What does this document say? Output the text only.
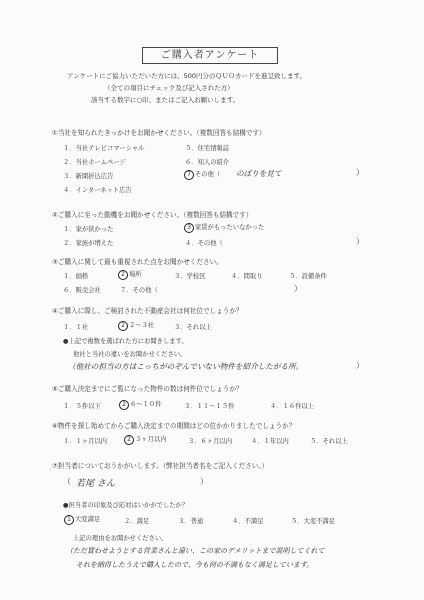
ご購入者アンケート
アンケートにご協力いただいた方には、500円分のＱＵＯカードを進呈致します。
（全ての項目にチェック及び記入された方）
該当する数字に○印、またはご記入お願いします。
①当社を知られたきっかけをお聞かせください。（複数回答も結構です）
１．当社テレビコマーシャル	５．住宅情報誌
２．当社ホームページ	６．知人の紹介
３．新聞折込広告	7 その他（ のぼりを見て	）
４．インターネット広告
②ご購入に至った動機をお聞かせください。（複数回答も結構です）
１．家が狭かった	3 家賃がもったいなかった
２．家族が増えた	４．その他（	）
③ご購入に関して最も重視された点をお聞かせください。
１．価格	2 場所	３．学校区	４．間取り	５．設備条件
６．販売会社	７．その他（	）
④ご購入に際し、ご検討された不動産会社は何社位でしょうか？
１．１社	2 ２～３社	３．それ以上
●上記で複数を選ばれた方にお聞きします。
他社と当社の違いをお聞かせください。
（他社の担当の方はこっちがのぞんでいない物件を紹介したがる所。	）
⑤ご購入決定までにご覧になった物件の数は何件位でしょうか？
１．５件以下	2 ６～１０件	３．１１～１５件	４．１６件以上
⑥物件を探し始めてからご購入決定までの期間はどの位かかりましたでしょうか？
１．１ヶ月以内	2 ３ヶ月以内	３．６ヶ月以内	４．１年以内	５．それ以上
⑦担当者についておうかがいします。（弊社担当者名をご記入ください。）
（ 若尾 さん	）
●担当者の印象及び応対はいかがでしたか？
1 大変満足	２．満足	３．普通	４．不満足	５．大変不満足
上記の理由をお聞かせください。
（ただ買わせようとする営業さんと違い、この家のデメリットまで説明してくれて
それを納得したうえで購入したので、今も何の不満もなく満足しています。
